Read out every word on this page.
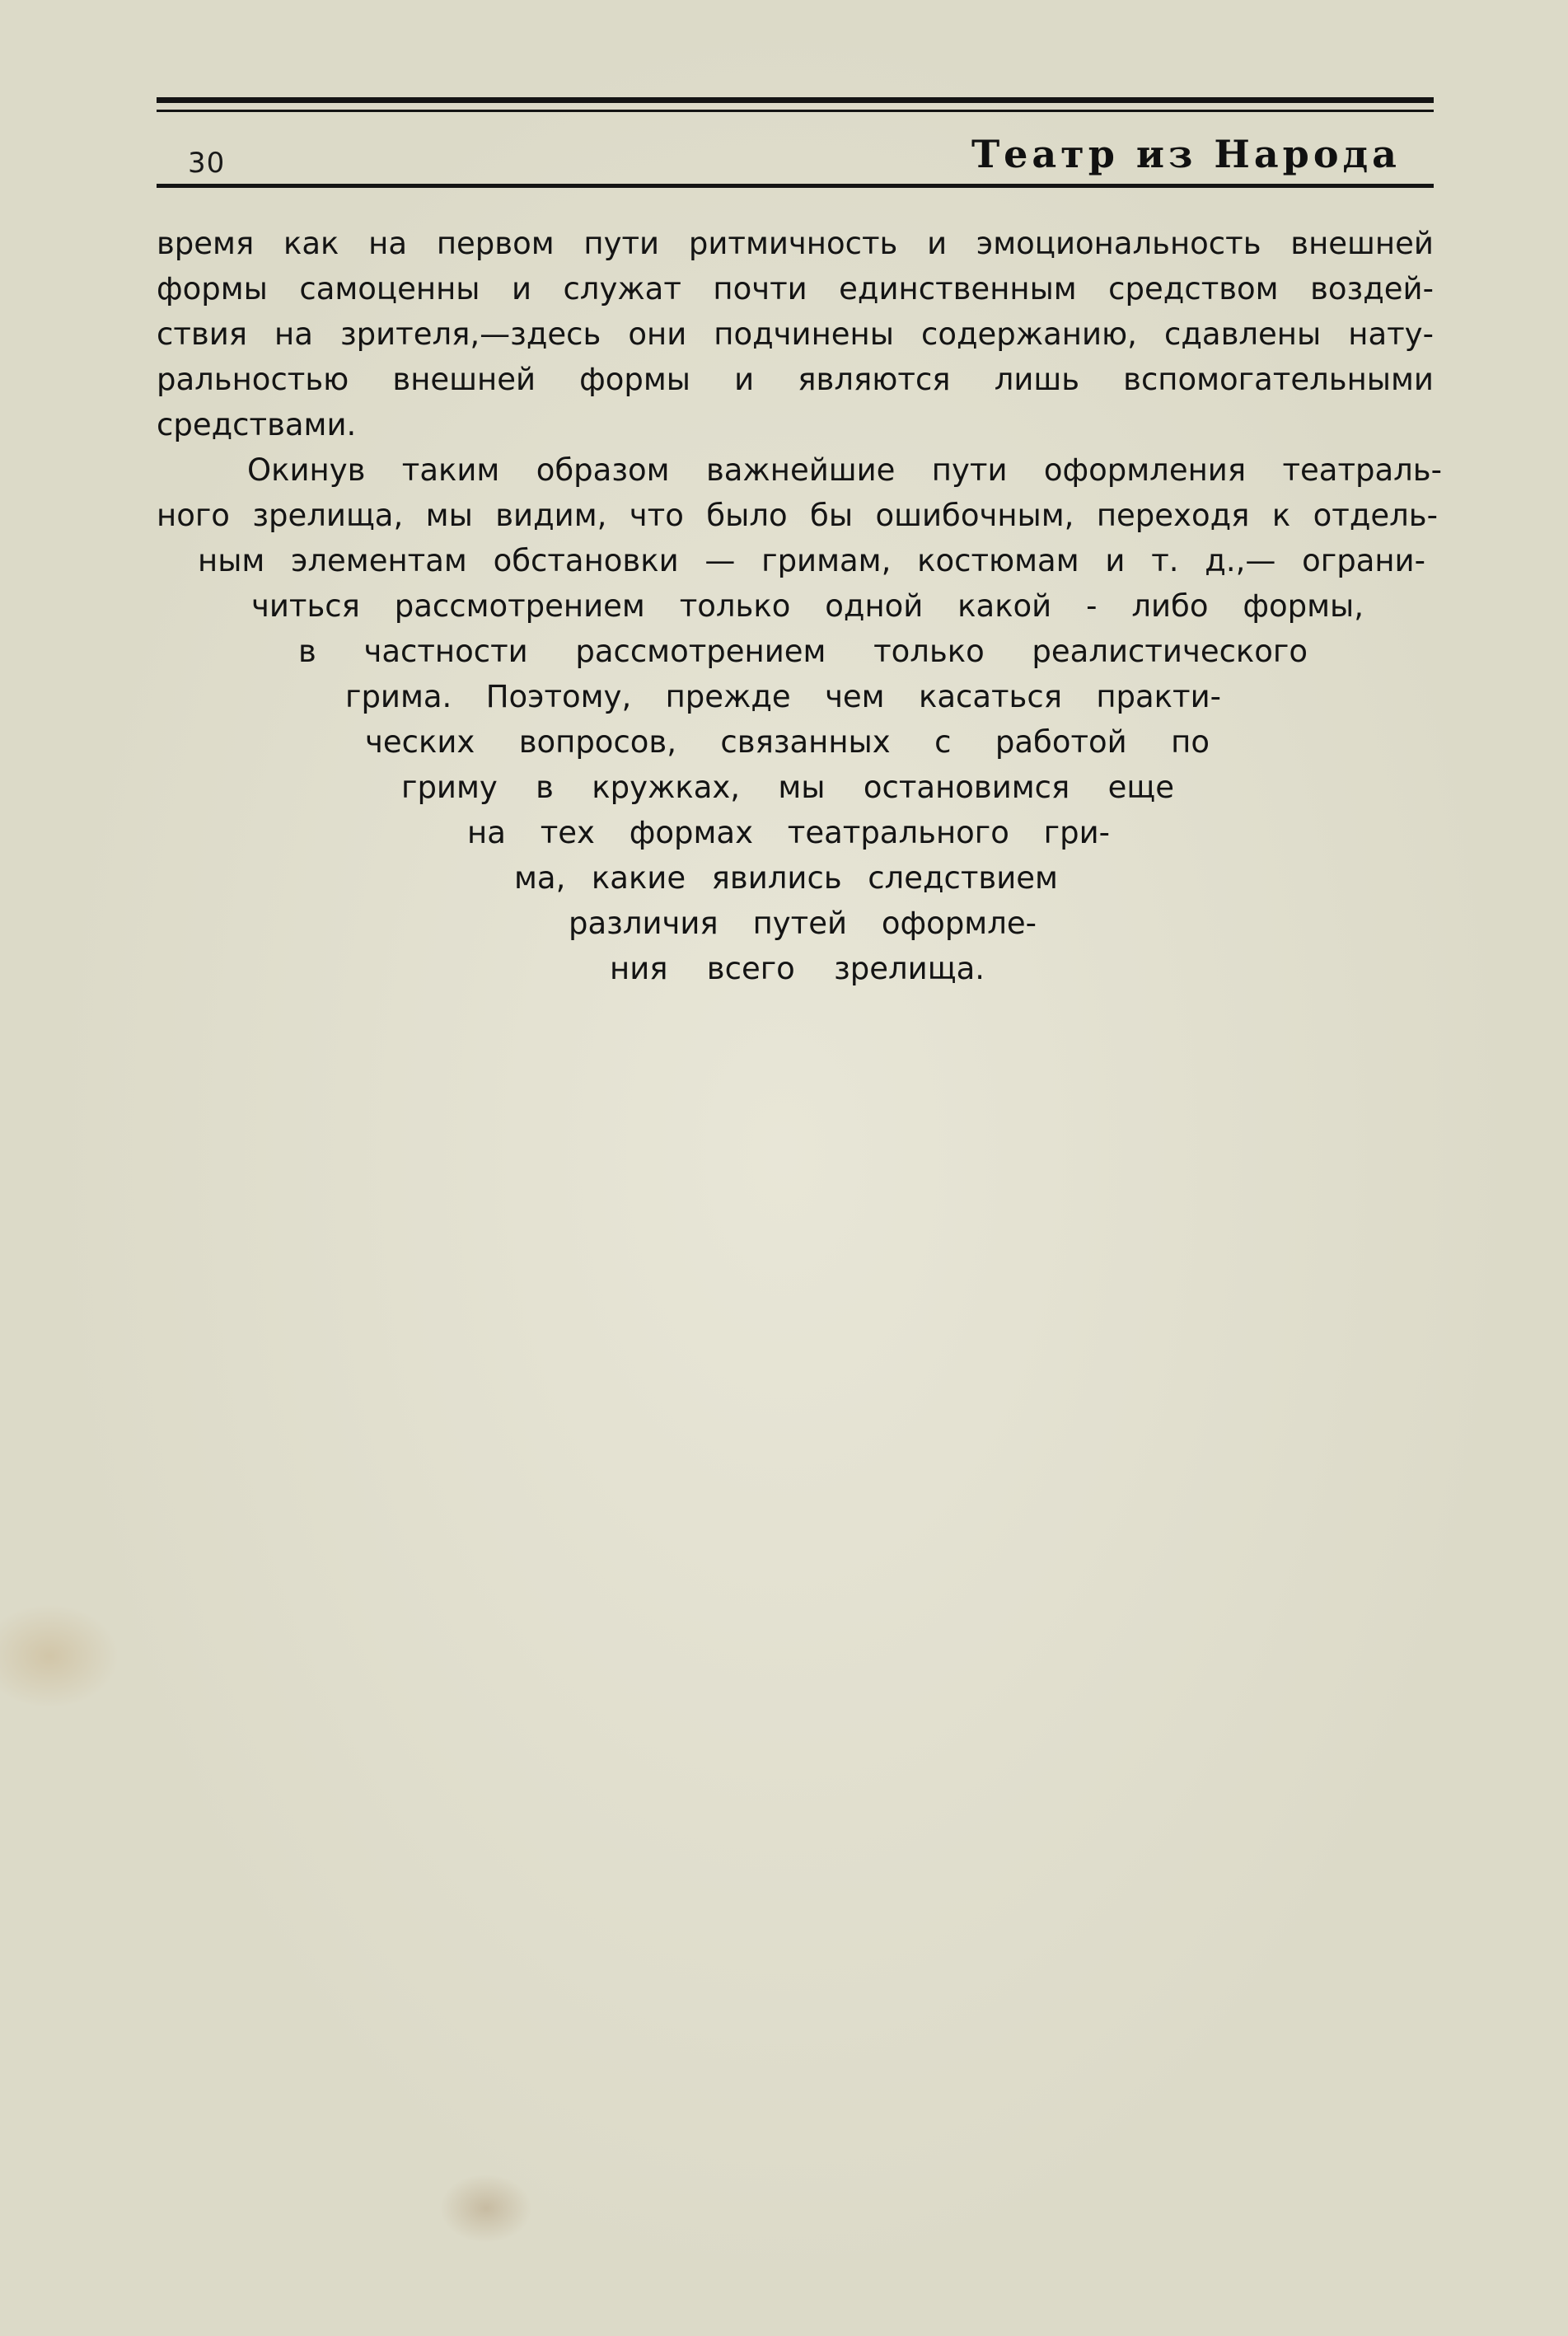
30	Театр из Народа
время как на первом пути ритмичность и эмоциональность внешней
формы самоценны и служат почти единственным средством воздей-
ствия на зрителя,—здесь они подчинены содержанию, сдавлены нату-
ральностью внешней формы и являются лишь вспомогательными
средствами.
Окинув таким образом важнейшие пути оформления театраль-
ного зрелища, мы видим, что было бы ошибочным, переходя к отдель-
ным элементам обстановки — гримам, костюмам и т. д.,— ограни-
читься рассмотрением только одной какой - либо формы,
в частности рассмотрением только реалистического
грима. Поэтому, прежде чем касаться практи-
ческих вопросов, связанных с работой по
гриму в кружках, мы остановимся еще
на тех формах театрального гри-
ма, какие явились следствием
различия путей оформле-
ния всего зрелища.
